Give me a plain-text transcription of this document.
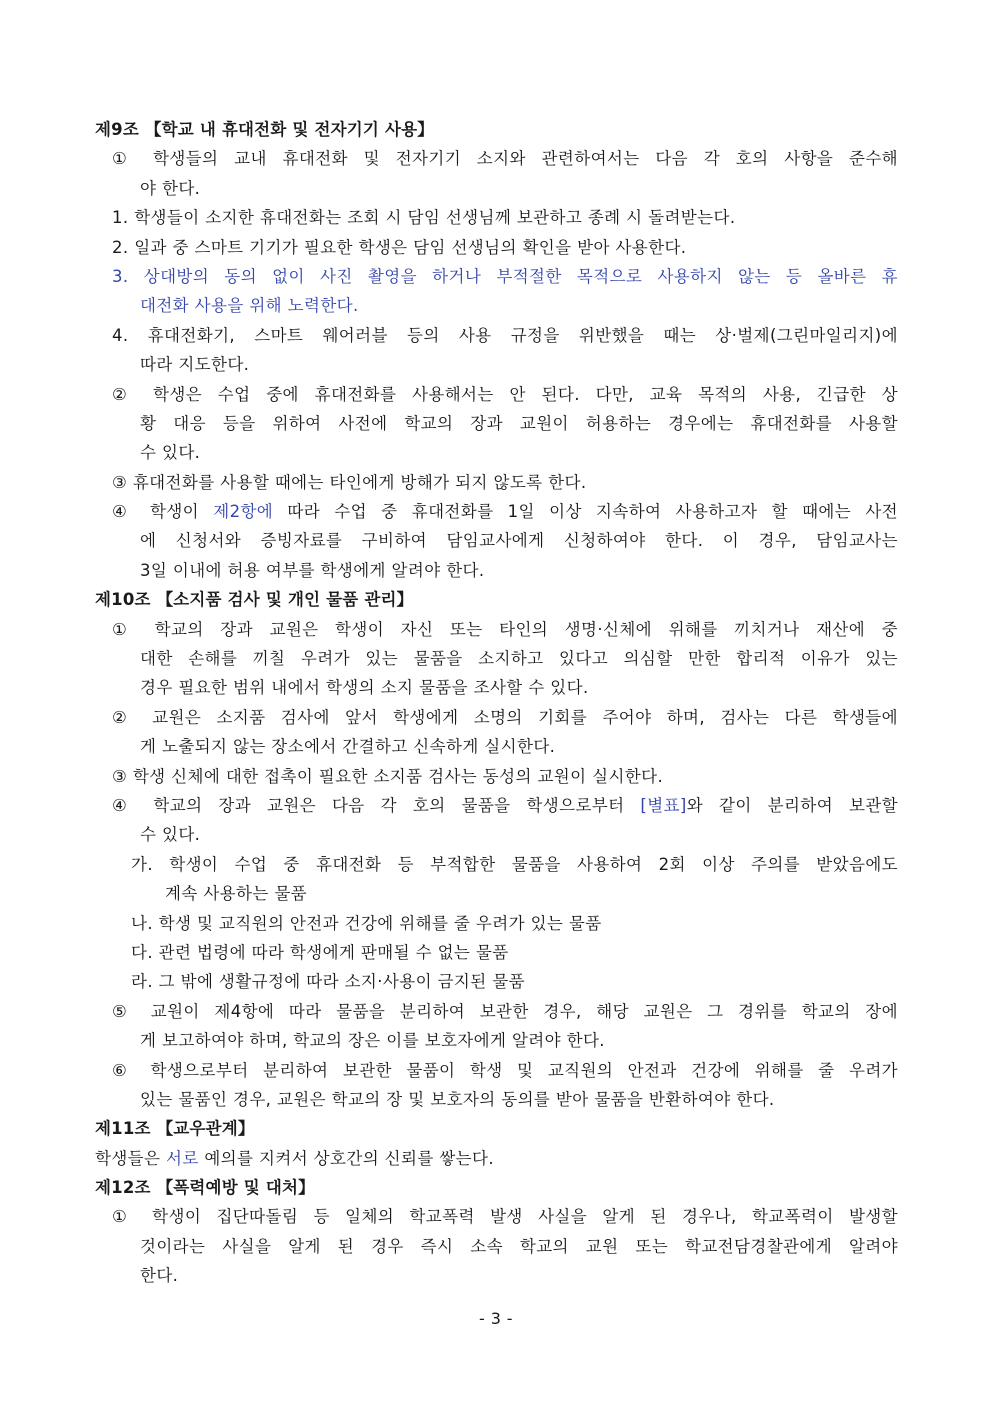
제9조 【학교 내 휴대전화 및 전자기기 사용】
① 학생들의 교내 휴대전화 및 전자기기 소지와 관련하여서는 다음 각 호의 사항을 준수해
야 한다.
1. 학생들이 소지한 휴대전화는 조회 시 담임 선생님께 보관하고 종례 시 돌려받는다.
2. 일과 중 스마트 기기가 필요한 학생은 담임 선생님의 확인을 받아 사용한다.
3. 상대방의 동의 없이 사진 촬영을 하거나 부적절한 목적으로 사용하지 않는 등 올바른 휴
대전화 사용을 위해 노력한다.
4. 휴대전화기, 스마트 웨어러블 등의 사용 규정을 위반했을 때는 상·벌제(그린마일리지)에
따라 지도한다.
② 학생은 수업 중에 휴대전화를 사용해서는 안 된다. 다만, 교육 목적의 사용, 긴급한 상
황 대응 등을 위하여 사전에 학교의 장과 교원이 허용하는 경우에는 휴대전화를 사용할
수 있다.
③ 휴대전화를 사용할 때에는 타인에게 방해가 되지 않도록 한다.
④ 학생이 제2항에 따라 수업 중 휴대전화를 1일 이상 지속하여 사용하고자 할 때에는 사전
에 신청서와 증빙자료를 구비하여 담임교사에게 신청하여야 한다. 이 경우, 담임교사는
3일 이내에 허용 여부를 학생에게 알려야 한다.
제10조 【소지품 검사 및 개인 물품 관리】
① 학교의 장과 교원은 학생이 자신 또는 타인의 생명·신체에 위해를 끼치거나 재산에 중
대한 손해를 끼칠 우려가 있는 물품을 소지하고 있다고 의심할 만한 합리적 이유가 있는
경우 필요한 범위 내에서 학생의 소지 물품을 조사할 수 있다.
② 교원은 소지품 검사에 앞서 학생에게 소명의 기회를 주어야 하며, 검사는 다른 학생들에
게 노출되지 않는 장소에서 간결하고 신속하게 실시한다.
③ 학생 신체에 대한 접촉이 필요한 소지품 검사는 동성의 교원이 실시한다.
④ 학교의 장과 교원은 다음 각 호의 물품을 학생으로부터 [별표]와 같이 분리하여 보관할
수 있다.
가. 학생이 수업 중 휴대전화 등 부적합한 물품을 사용하여 2회 이상 주의를 받았음에도
계속 사용하는 물품
나. 학생 및 교직원의 안전과 건강에 위해를 줄 우려가 있는 물품
다. 관련 법령에 따라 학생에게 판매될 수 없는 물품
라. 그 밖에 생활규정에 따라 소지·사용이 금지된 물품
⑤ 교원이 제4항에 따라 물품을 분리하여 보관한 경우, 해당 교원은 그 경위를 학교의 장에
게 보고하여야 하며, 학교의 장은 이를 보호자에게 알려야 한다.
⑥ 학생으로부터 분리하여 보관한 물품이 학생 및 교직원의 안전과 건강에 위해를 줄 우려가
있는 물품인 경우, 교원은 학교의 장 및 보호자의 동의를 받아 물품을 반환하여야 한다.
제11조 【교우관계】
학생들은 서로 예의를 지켜서 상호간의 신뢰를 쌓는다.
제12조 【폭력예방 및 대처】
① 학생이 집단따돌림 등 일체의 학교폭력 발생 사실을 알게 된 경우나, 학교폭력이 발생할
것이라는 사실을 알게 된 경우 즉시 소속 학교의 교원 또는 학교전담경찰관에게 알려야
한다.
- 3 -
